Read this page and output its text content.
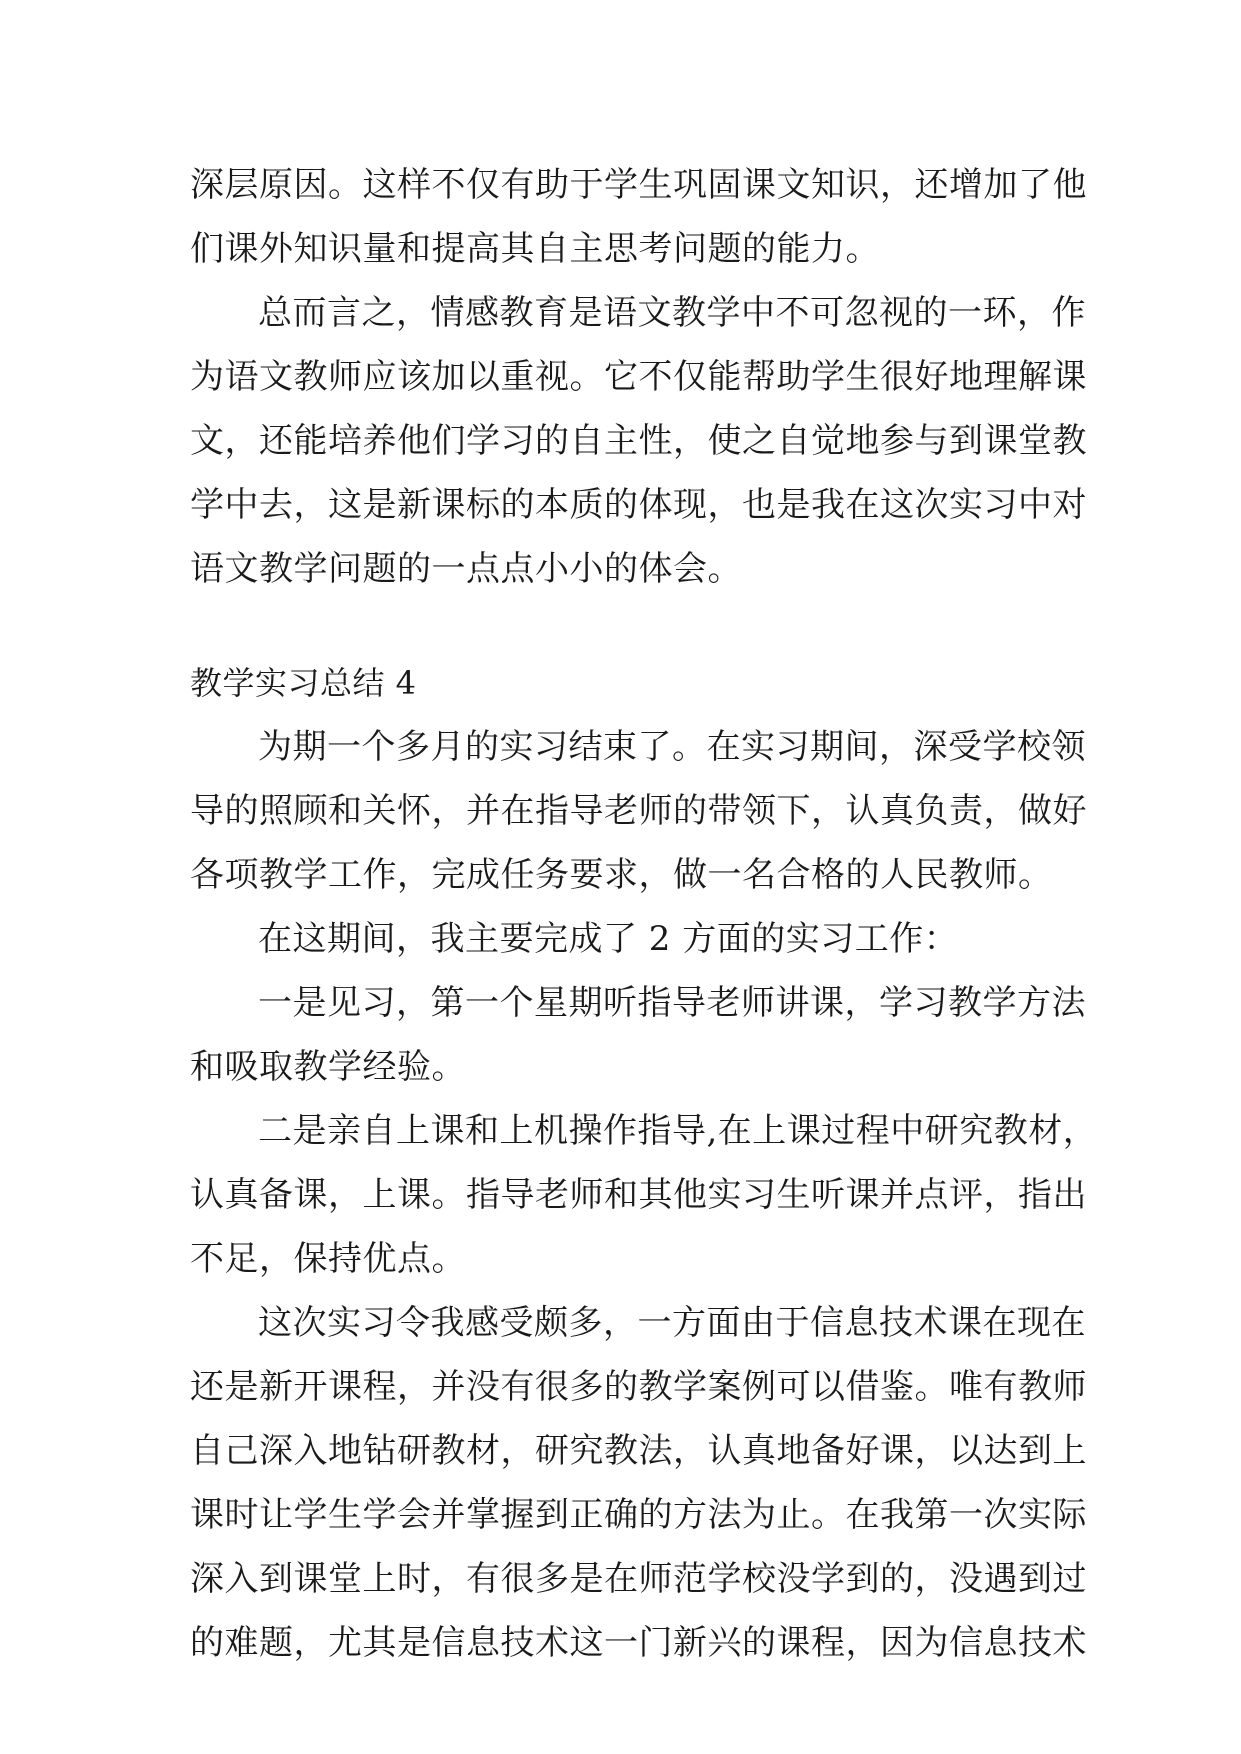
深层原因。这样不仅有助于学生巩固课文知识，还增加了他
们课外知识量和提高其自主思考问题的能力。

总而言之，情感教育是语文教学中不可忽视的一环，作
为语文教师应该加以重视。它不仅能帮助学生很好地理解课
文，还能培养他们学习的自主性，使之自觉地参与到课堂教
学中去，这是新课标的本质的体现，也是我在这次实习中对
语文教学问题的一点点小小的体会。

教学实习总结 4

为期一个多月的实习结束了。在实习期间，深受学校领
导的照顾和关怀，并在指导老师的带领下，认真负责，做好
各项教学工作，完成任务要求，做一名合格的人民教师。

在这期间，我主要完成了 2 方面的实习工作：

一是见习，第一个星期听指导老师讲课，学习教学方法
和吸取教学经验。

二是亲自上课和上机操作指导,在上课过程中研究教材，
认真备课，上课。指导老师和其他实习生听课并点评，指出
不足，保持优点。

这次实习令我感受颇多，一方面由于信息技术课在现在
还是新开课程，并没有很多的教学案例可以借鉴。唯有教师
自己深入地钻研教材，研究教法，认真地备好课，以达到上
课时让学生学会并掌握到正确的方法为止。在我第一次实际
深入到课堂上时，有很多是在师范学校没学到的，没遇到过
的难题，尤其是信息技术这一门新兴的课程，因为信息技术
